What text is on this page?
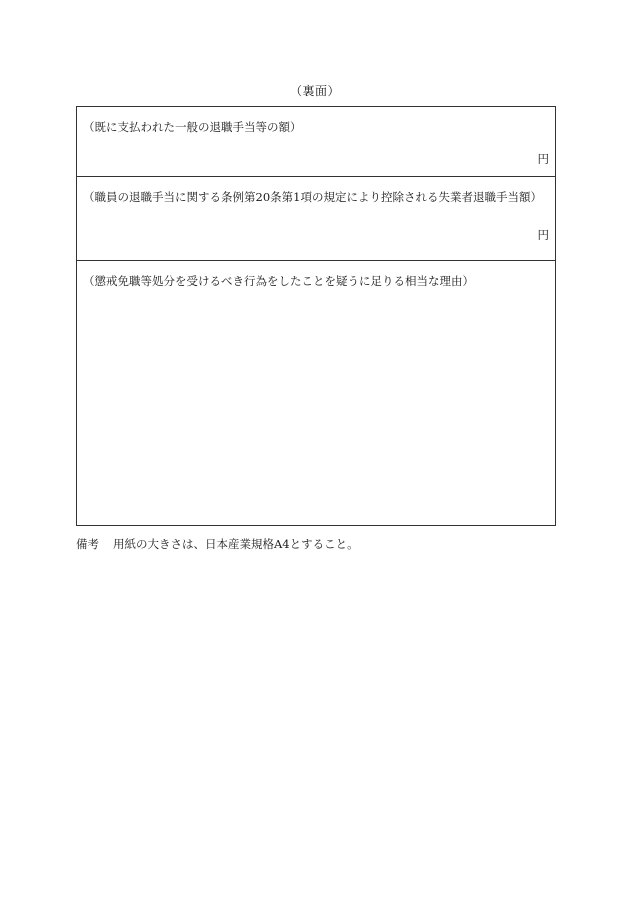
（裏面）
（既に支払われた一般の退職手当等の額）
円
（職員の退職手当に関する条例第20条第1項の規定により控除される失業者退職手当額）
円
（懲戒免職等処分を受けるべき行為をしたことを疑うに足りる相当な理由）
備考 用紙の大きさは、日本産業規格A4とすること。
